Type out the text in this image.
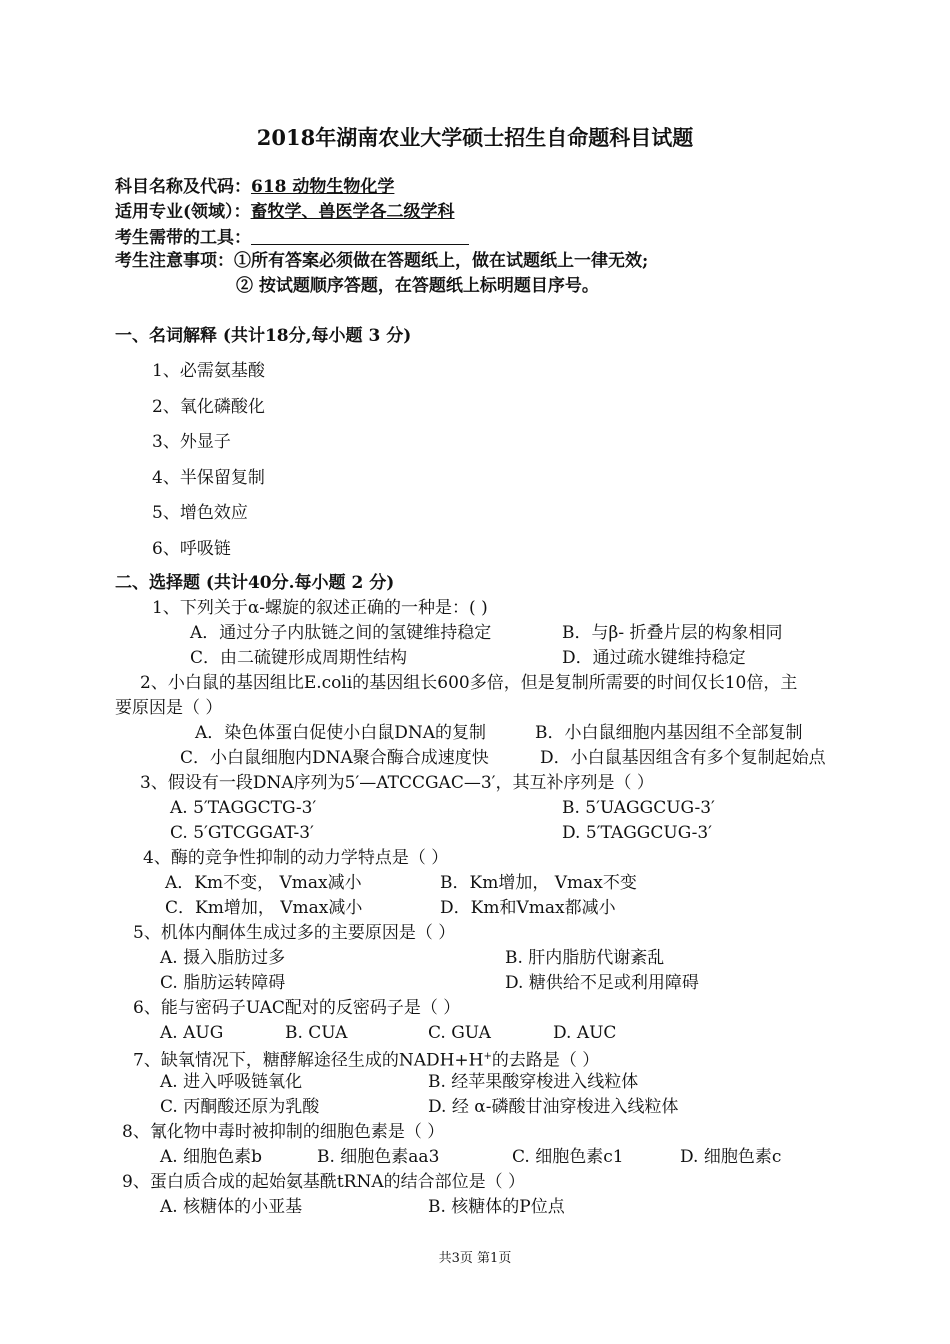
2018年湖南农业大学硕士招生自命题科目试题
科目名称及代码：618 动物生物化学
适用专业(领域）：畜牧学、兽医学各二级学科
考生需带的工具：
考生注意事项：①所有答案必须做在答题纸上，做在试题纸上一律无效;
② 按试题顺序答题，在答题纸上标明题目序号。
一、名词解释 (共计18分,每小题 3 分)
1、必需氨基酸
2、氧化磷酸化
3、外显子
4、半保留复制
5、增色效应
6、呼吸链
二、选择题 (共计40分.每小题 2 分)
1、下列关于α-螺旋的叙述正确的一种是：( )
A．通过分子内肽链之间的氢键维持稳定	B．与β- 折叠片层的构象相同
C．由二硫键形成周期性结构	D．通过疏水键维持稳定
2、小白鼠的基因组比E.coli的基因组长600多倍，但是复制所需要的时间仅长10倍，主
要原因是（ ）
A．染色体蛋白促使小白鼠DNA的复制	B．小白鼠细胞内基因组不全部复制
C．小白鼠细胞内DNA聚合酶合成速度快	D．小白鼠基因组含有多个复制起始点
3、假设有一段DNA序列为5′—ATCCGAC—3′，其互补序列是（ ）
A. 5′TAGGCTG-3′	B. 5′UAGGCUG-3′
C. 5′GTCGGAT-3′	D. 5′TAGGCUG-3′
4、酶的竞争性抑制的动力学特点是（ ）
A．Km不变， Vmax减小	B．Km增加， Vmax不变
C．Km增加， Vmax减小	D．Km和Vmax都减小
5、机体内酮体生成过多的主要原因是（ ）
A. 摄入脂肪过多	B. 肝内脂肪代谢紊乱
C. 脂肪运转障碍	D. 糖供给不足或利用障碍
6、能与密码子UAC配对的反密码子是（ ）
A. AUG	B. CUA	C. GUA	D. AUC
7、缺氧情况下，糖酵解途径生成的NADH+H+的去路是（ ）
A. 进入呼吸链氧化	B. 经苹果酸穿梭进入线粒体
C. 丙酮酸还原为乳酸	D. 经 α-磷酸甘油穿梭进入线粒体
8、氰化物中毒时被抑制的细胞色素是（ ）
A. 细胞色素b	B. 细胞色素aa3	C. 细胞色素c1	D. 细胞色素c
9、蛋白质合成的起始氨基酰tRNA的结合部位是（ ）
A. 核糖体的小亚基	B. 核糖体的P位点
共3页 第1页
